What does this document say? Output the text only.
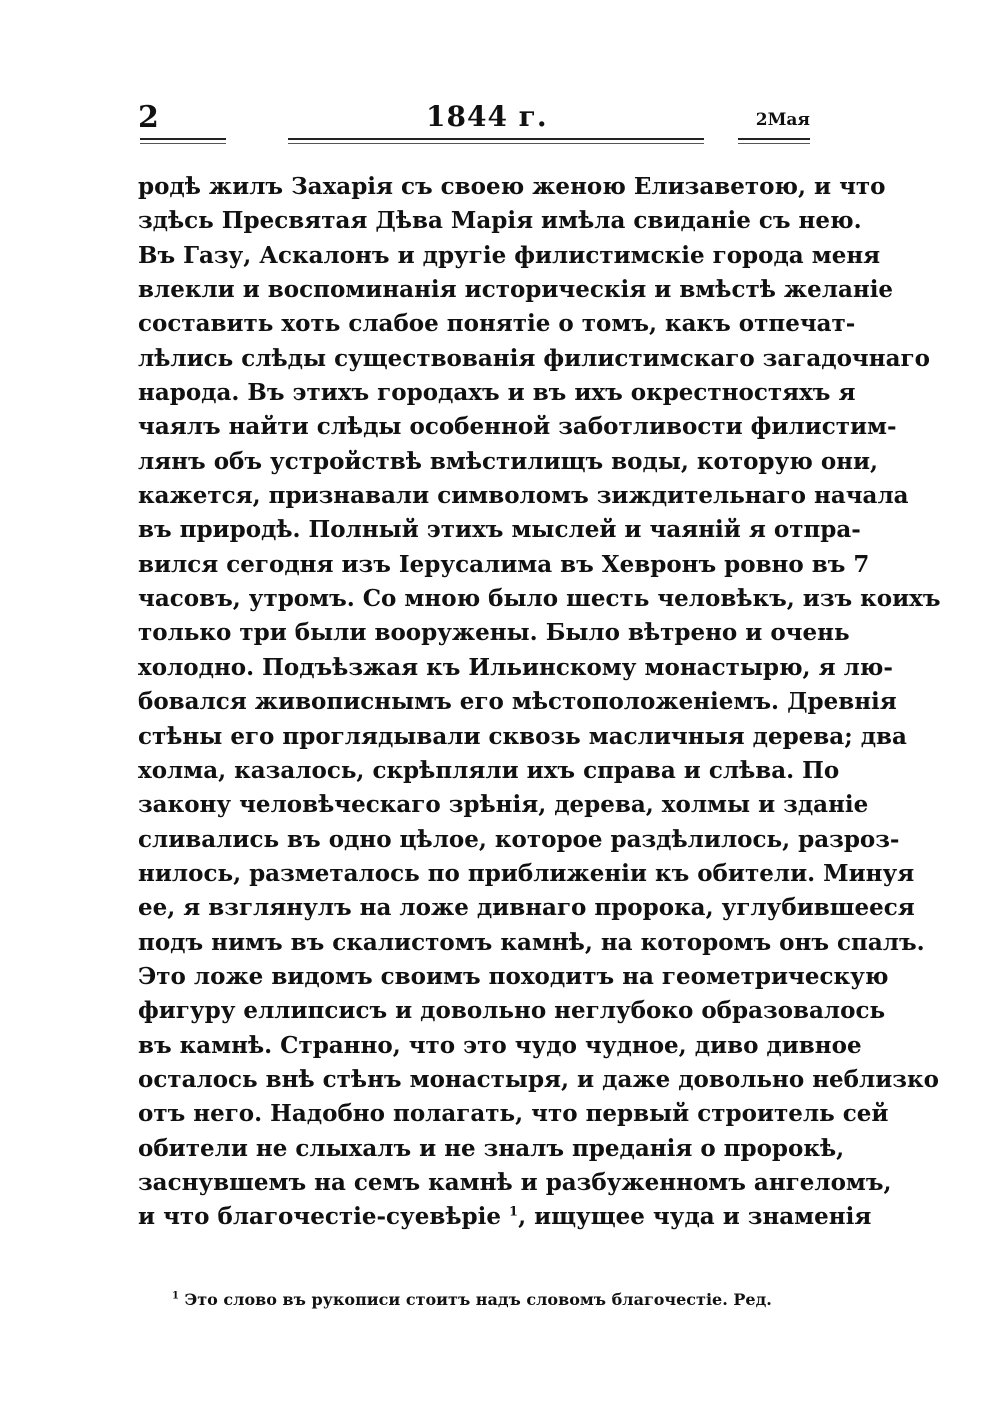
2	1844 г.	2Мая
родѣ жилъ Захарія съ своею женою Елизаветою, и что
здѣсь Пресвятая Дѣва Марія имѣла свиданіе съ нею.
Въ Газу, Аскалонъ и другіе филистимскіе города меня
влекли и воспоминанія историческія и вмѣстѣ желаніе
составить хоть слабое понятіе о томъ, какъ отпечат-
лѣлись слѣды существованія филистимскаго загадочнаго
народа. Въ этихъ городахъ и въ ихъ окрестностяхъ я
чаялъ найти слѣды особенной заботливости филистим-
лянъ объ устройствѣ вмѣстилищъ воды, которую они,
кажется, признавали символомъ зиждительнаго начала
въ природѣ. Полный этихъ мыслей и чаяній я отпра-
вился сегодня изъ Іерусалима въ Хевронъ ровно въ 7
часовъ, утромъ. Со мною было шесть человѣкъ, изъ коихъ
только три были вооружены. Было вѣтрено и очень
холодно. Подъѣзжая къ Ильинскому монастырю, я лю-
бовался живописнымъ его мѣстоположеніемъ. Древнія
стѣны его проглядывали сквозь масличныя дерева; два
холма, казалось, скрѣпляли ихъ справа и слѣва. По
закону человѣческаго зрѣнія, дерева, холмы и зданіе
сливались въ одно цѣлое, которое раздѣлилось, разроз-
нилось, разметалось по приближеніи къ обители. Минуя
ее, я взглянулъ на ложе дивнаго пророка, углубившееся
подъ нимъ въ скалистомъ камнѣ, на которомъ онъ спалъ.
Это ложе видомъ своимъ походитъ на геометрическую
фигуру еллипсисъ и довольно неглубоко образовалось
въ камнѣ. Странно, что это чудо чудное, диво дивное
осталось внѣ стѣнъ монастыря, и даже довольно неблизко
отъ него. Надобно полагать, что первый строитель сей
обители не слыхалъ и не зналъ преданія о пророкѣ,
заснувшемъ на семъ камнѣ и разбуженномъ ангеломъ,
и что благочестіе-суевѣріе $^1$, ищущее чуда и знаменія
$^1$ Это слово въ рукописи стоитъ надъ словомъ благочестіе. Ред.
